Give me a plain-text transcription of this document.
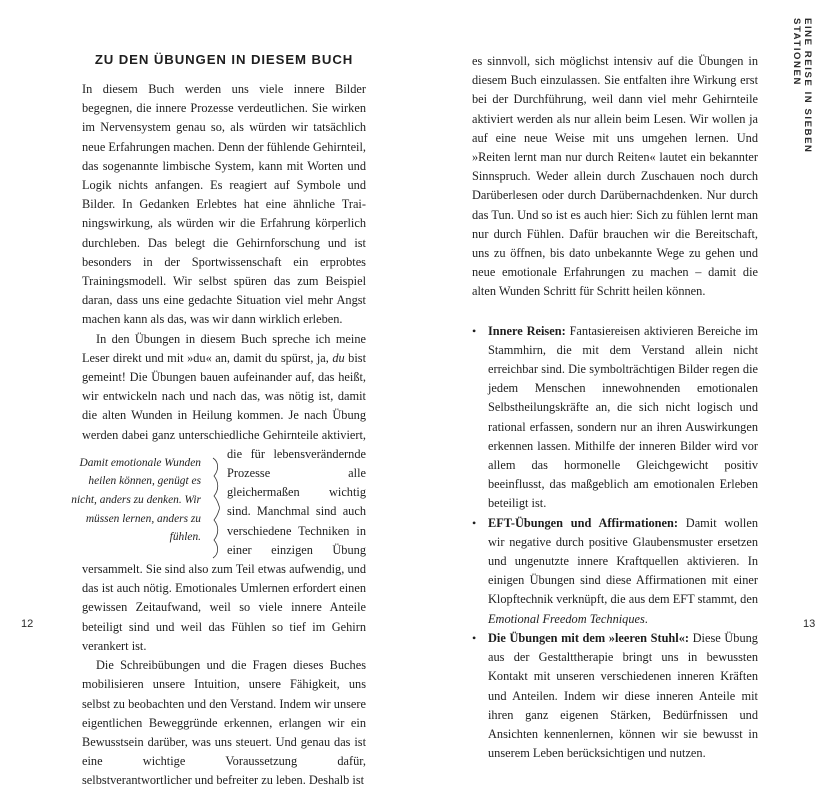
ZU DEN ÜBUNGEN IN DIESEM BUCH

In diesem Buch werden uns viele innere Bilder begegnen, die innere Prozesse verdeutlichen. Sie wirken im Nervensystem genau so, als würden wir tatsächlich neue Erfahrungen machen. Denn der fühlende Gehirnteil, das sogenannte limbische System, kann mit Worten und Logik nichts anfangen. Es reagiert auf Symbole und Bilder. In Gedanken Erlebtes hat eine ähnliche Trainingswirkung, als würden wir die Erfahrung körperlich durchleben. Das belegt die Gehirnforschung und ist besonders in der Sportwissenschaft ein erprobtes Trainingsmodell. Wir selbst spüren das zum Beispiel daran, dass uns eine gedachte Situation viel mehr Angst machen kann als das, was wir dann wirklich erleben.

In den Übungen in diesem Buch spreche ich meine Leser direkt und mit »du« an, damit du spürst, ja, du bist gemeint! Die Übungen bauen aufeinander auf, das heißt, wir entwickeln nach und nach das, was nötig ist, damit die alten Wunden in Heilung kommen. Je nach Übung werden dabei ganz unterschied
Damit emotionale Wunden heilen können, genügt es nicht, anders zu denken. Wir müssen lernen, anders zu fühlen.
liche Gehirnteile aktiviert, die für lebensverändernde Prozesse alle gleichermaßen wichtig sind. Manchmal sind auch verschiedene Techniken in einer einzigen Übung versammelt. Sie sind also zum Teil etwas aufwendig, und das ist auch nötig. Emotionales Umlernen erfordert einen gewissen Zeitaufwand, weil so viele innere Anteile beteiligt sind und weil das Fühlen so tief im Gehirn verankert ist.

Die Schreibübungen und die Fragen dieses Buches mobilisieren unsere Intuition, unsere Fähigkeit, uns selbst zu beobachten und den Verstand. Indem wir unsere eigentlichen Beweggründe erkennen, erlangen wir ein Bewusstsein darüber, was uns steuert. Und genau das ist eine wichtige Voraussetzung dafür, selbstverantwortlicher und befreiter zu leben. Deshalb ist

12

es sinnvoll, sich möglichst intensiv auf die Übungen in diesem Buch einzulassen. Sie entfalten ihre Wirkung erst bei der Durchführung, weil dann viel mehr Gehirnteile aktiviert werden als nur allein beim Lesen. Wir wollen ja auf eine neue Weise mit uns umgehen lernen. Und »Reiten lernt man nur durch Reiten« lautet ein bekannter Sinnspruch. Weder allein durch Zuschauen noch durch Darüberlesen oder durch Darübernachdenken. Nur durch das Tun. Und so ist es auch hier: Sich zu fühlen lernt man nur durch Fühlen. Dafür brauchen wir die Bereitschaft, uns zu öffnen, bis dato unbekannte Wege zu gehen und neue emotionale Erfahrungen zu machen – damit die alten Wunden Schritt für Schritt heilen können.

• Innere Reisen: Fantasiereisen aktivieren Bereiche im Stammhirn, die mit dem Verstand allein nicht erreichbar sind. Die symbolträchtigen Bilder regen die jedem Menschen innewohnenden emotionalen Selbstheilungskräfte an, die sich nicht logisch und rational erfassen, sondern nur an ihren Auswirkungen erkennen lassen. Mithilfe der inneren Bilder wird vor allem das hormonelle Gleichgewicht positiv beeinflusst, das maßgeblich am emotionalen Erleben beteiligt ist.
• EFT-Übungen und Affirmationen: Damit wollen wir negative durch positive Glaubensmuster ersetzen und ungenutzte innere Kraftquellen aktivieren. In einigen Übungen sind diese Affirmationen mit einer Klopftechnik verknüpft, die aus dem EFT stammt, den Emotional Freedom Techniques.
• Die Übungen mit dem »leeren Stuhl«: Diese Übung aus der Gestalttherapie bringt uns in bewussten Kontakt mit unseren verschiedenen inneren Kräften und Anteilen. Indem wir diese inneren Anteile mit ihren ganz eigenen Stärken, Bedürfnissen und Ansichten kennenlernen, können wir sie bewusst in unserem Leben berücksichtigen und nutzen.
EINE REISE IN SIEBEN STATIONEN
13
